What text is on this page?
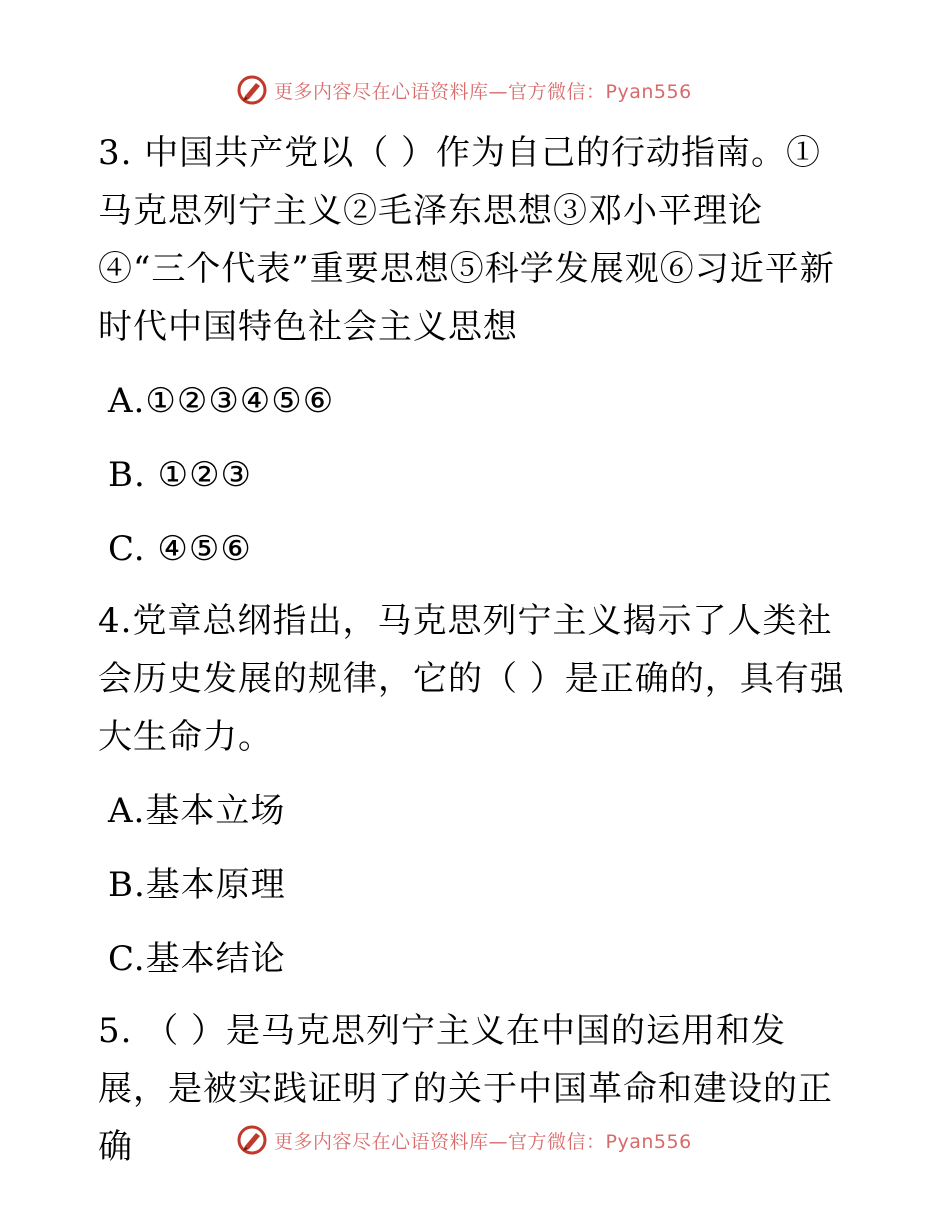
更多内容尽在心语资料库—官方微信：Pyan556

3. 中国共产党以（ ）作为自己的行动指南。①马克思列宁主义②毛泽东思想③邓小平理论④“三个代表”重要思想⑤科学发展观⑥习近平新时代中国特色社会主义思想

A.①②③④⑤⑥
B. ①②③
C. ④⑤⑥

4.党章总纲指出，马克思列宁主义揭示了人类社会历史发展的规律，它的（ ）是正确的，具有强大生命力。

A.基本立场
B.基本原理
C.基本结论

5. （ ）是马克思列宁主义在中国的运用和发展，是被实践证明了的关于中国革命和建设的正确	更多内容尽在心语资料库—官方微信：Pyan556
